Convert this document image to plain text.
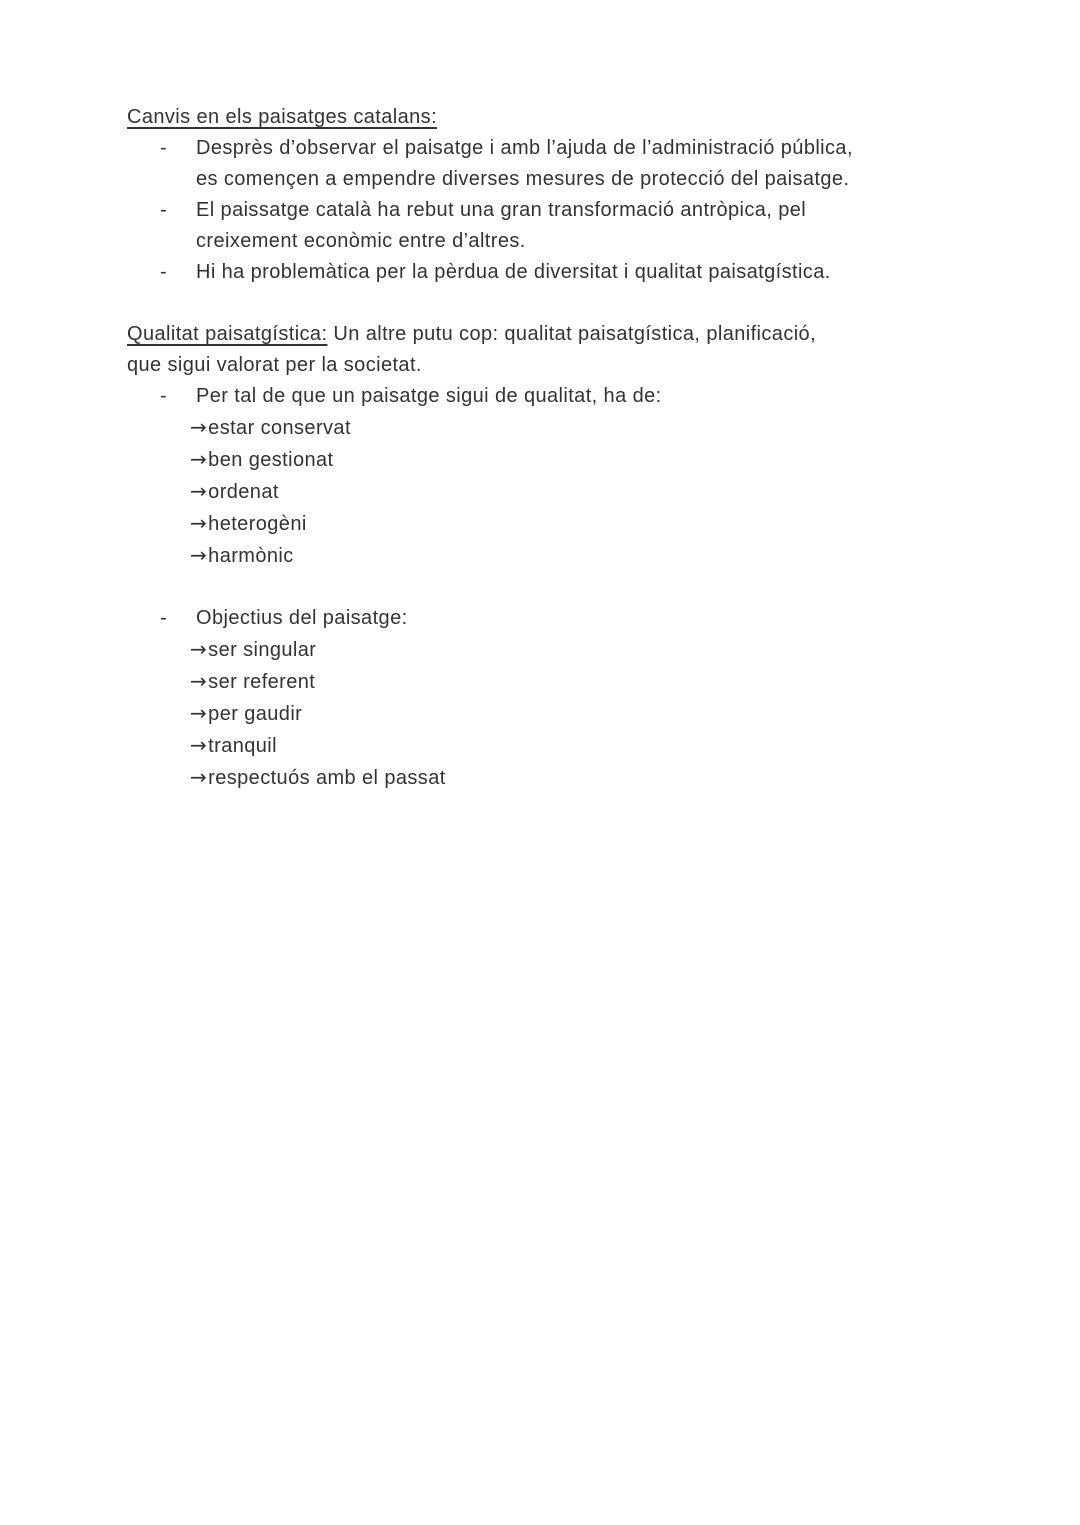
Canvis en els paisatges catalans:
-	Desprès d’observar el paisatge i amb l’ajuda de l’administració pública,
es començen a empendre diverses mesures de protecció del paisatge.
-	El paissatge català ha rebut una gran transformació antròpica, pel
creixement econòmic entre d’altres.
-	Hi ha problemàtica per la pèrdua de diversitat i qualitat paisatgística.
Qualitat paisatgística: Un altre putu cop: qualitat paisatgística, planificació,
que sigui valorat per la societat.
-	Per tal de que un paisatge sigui de qualitat, ha de:
→estar conservat
→ben gestionat
→ordenat
→heterogèni
→harmònic
-	Objectius del paisatge:
→ser singular
→ser referent
→per gaudir
→tranquil
→respectuós amb el passat
